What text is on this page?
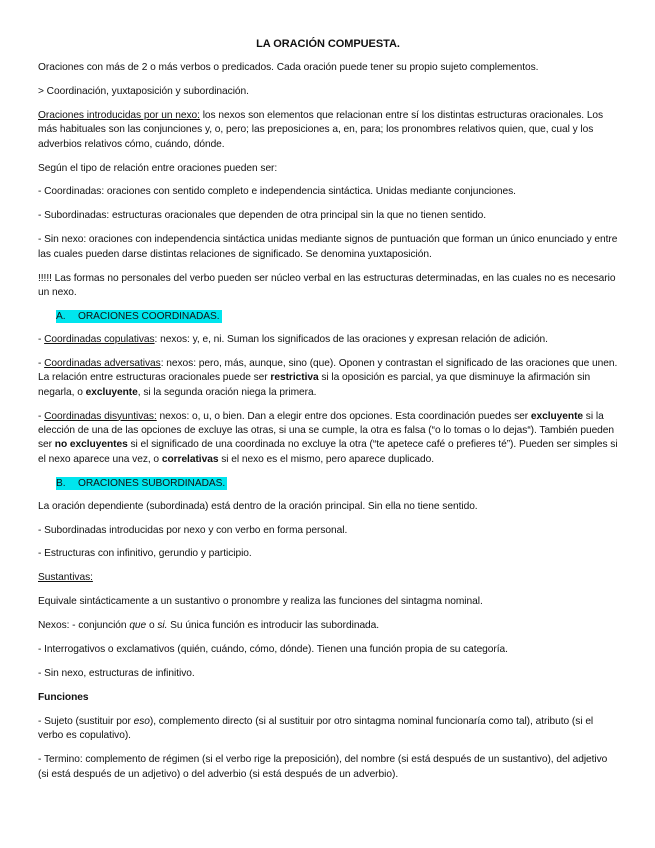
LA ORACIÓN COMPUESTA.

Oraciones con más de 2 o más verbos o predicados. Cada oración puede tener su propio sujeto complementos.

> Coordinación, yuxtaposición y subordinación.

Oraciones introducidas por un nexo: los nexos son elementos que relacionan entre sí los distintas estructuras oracionales. Los más habituales son las conjunciones y, o, pero; las preposiciones a, en, para; los pronombres relativos quien, que, cual y los adverbios relativos cómo, cuándo, dónde.

Según el tipo de relación entre oraciones pueden ser:

- Coordinadas: oraciones con sentido completo e independencia sintáctica. Unidas mediante conjunciones.

- Subordinadas: estructuras oracionales que dependen de otra principal sin la que no tienen sentido.

- Sin nexo: oraciones con independencia sintáctica unidas mediante signos de puntuación que forman un único enunciado y entre las cuales pueden darse distintas relaciones de significado. Se denomina yuxtaposición.

!!!!! Las formas no personales del verbo pueden ser núcleo verbal en las estructuras determinadas, en las cuales no es necesario un nexo.

A. ORACIONES COORDINADAS.

- Coordinadas copulativas: nexos: y, e, ni. Suman los significados de las oraciones y expresan relación de adición.

- Coordinadas adversativas: nexos: pero, más, aunque, sino (que). Oponen y contrastan el significado de las oraciones que unen. La relación entre estructuras oracionales puede ser restrictiva si la oposición es parcial, ya que disminuye la afirmación sin negarla, o excluyente, si la segunda oración niega la primera.

- Coordinadas disyuntivas: nexos: o, u, o bien. Dan a elegir entre dos opciones. Esta coordinación puedes ser excluyente si la elección de una de las opciones de excluye las otras, si una se cumple, la otra es falsa (“o lo tomas o lo dejas“). También pueden ser no excluyentes si el significado de una coordinada no excluye la otra (“te apetece café o prefieres té”). Pueden ser simples si el nexo aparece una vez, o correlativas si el nexo es el mismo, pero aparece duplicado.

B. ORACIONES SUBORDINADAS.

La oración dependiente (subordinada) está dentro de la oración principal. Sin ella no tiene sentido.

- Subordinadas introducidas por nexo y con verbo en forma personal.

- Estructuras con infinitivo, gerundio y participio.

Sustantivas:

Equivale sintácticamente a un sustantivo o pronombre y realiza las funciones del sintagma nominal.

Nexos: - conjunción que o si. Su única función es introducir las subordinada.

- Interrogativos o exclamativos (quién, cuándo, cómo, dónde). Tienen una función propia de su categoría.

- Sin nexo, estructuras de infinitivo.

Funciones

- Sujeto (sustituir por eso), complemento directo (si al sustituir por otro sintagma nominal funcionaría como tal), atributo (si el verbo es copulativo).

- Termino: complemento de régimen (si el verbo rige la preposición), del nombre (si está después de un sustantivo), del adjetivo (si está después de un adjetivo) o del adverbio (si está después de un adverbio).
